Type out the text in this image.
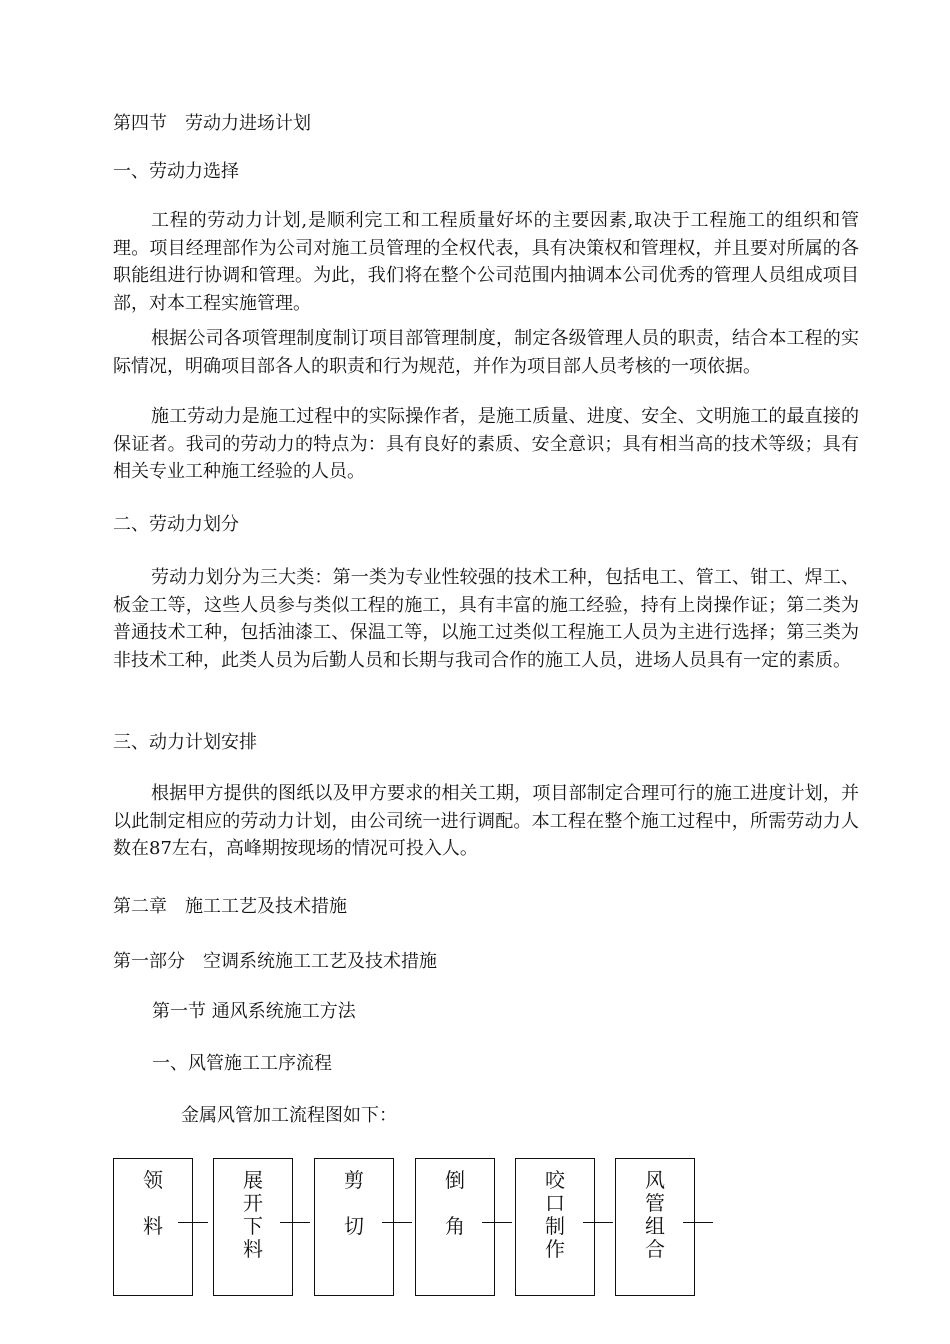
第四节　劳动力进场计划
一、劳动力选择

工程的劳动力计划,是顺利完工和工程质量好坏的主要因素,取决于工程施工的组织和管理。项目经理部作为公司对施工员管理的全权代表，具有决策权和管理权，并且要对所属的各职能组进行协调和管理。为此，我们将在整个公司范围内抽调本公司优秀的管理人员组成项目部，对本工程实施管理。

根据公司各项管理制度制订项目部管理制度，制定各级管理人员的职责，结合本工程的实际情况，明确项目部各人的职责和行为规范，并作为项目部人员考核的一项依据。

施工劳动力是施工过程中的实际操作者，是施工质量、进度、安全、文明施工的最直接的保证者。我司的劳动力的特点为：具有良好的素质、安全意识；具有相当高的技术等级；具有相关专业工种施工经验的人员。

二、劳动力划分

劳动力划分为三大类：第一类为专业性较强的技术工种，包括电工、管工、钳工、焊工、板金工等，这些人员参与类似工程的施工，具有丰富的施工经验，持有上岗操作证；第二类为普通技术工种，包括油漆工、保温工等，以施工过类似工程施工人员为主进行选择；第三类为非技术工种，此类人员为后勤人员和长期与我司合作的施工人员，进场人员具有一定的素质。

三、动力计划安排

根据甲方提供的图纸以及甲方要求的相关工期，项目部制定合理可行的施工进度计划，并以此制定相应的劳动力计划，由公司统一进行调配。本工程在整个施工过程中，所需劳动力人数在87左右，高峰期按现场的情况可投入人。

第二章　施工工艺及技术措施
第一部分　空调系统施工工艺及技术措施
第一节 通风系统施工方法
一、风管施工工序流程
金属风管加工流程图如下：
领
料
展
开
下
料
剪
切
倒
角
咬
口
制
作
风
管
组
合
